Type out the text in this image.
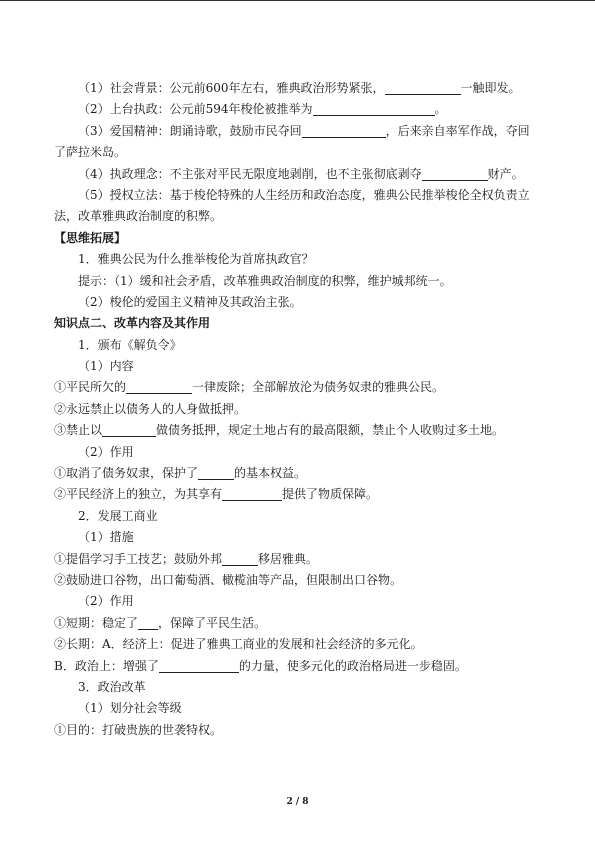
（1）社会背景：公元前600年左右，雅典政治形势紧张，	一触即发。
（2）上台执政：公元前594年梭伦被推举为	。
（3）爱国精神：朗诵诗歌，鼓励市民夺回	，后来亲自率军作战，夺回
了萨拉米岛。
（4）执政理念：不主张对平民无限度地剥削，也不主张彻底剥夺	财产。
（5）授权立法：基于梭伦特殊的人生经历和政治态度，雅典公民推举梭伦全权负责立
法，改革雅典政治制度的积弊。
【思维拓展】
1．雅典公民为什么推举梭伦为首席执政官？
提示：（1）缓和社会矛盾，改革雅典政治制度的积弊，维护城邦统一。
（2）梭伦的爱国主义精神及其政治主张。
知识点二、改革内容及其作用
1．颁布《解负令》
（1）内容
①平民所欠的	一律废除；全部解放沦为债务奴隶的雅典公民。
②永远禁止以债务人的人身做抵押。
③禁止以	做债务抵押，规定土地占有的最高限额，禁止个人收购过多土地。
（2）作用
①取消了债务奴隶，保护了	的基本权益。
②平民经济上的独立，为其享有	提供了物质保障。
2．发展工商业
（1）措施
①提倡学习手工技艺；鼓励外邦	移居雅典。
②鼓励进口谷物，出口葡萄酒、橄榄油等产品，但限制出口谷物。
（2）作用
①短期：稳定了 ，保障了平民生活。
②长期：A．经济上：促进了雅典工商业的发展和社会经济的多元化。
B．政治上：增强了	的力量，使多元化的政治格局进一步稳固。
3．政治改革
（1）划分社会等级
①目的：打破贵族的世袭特权。
2 / 8
